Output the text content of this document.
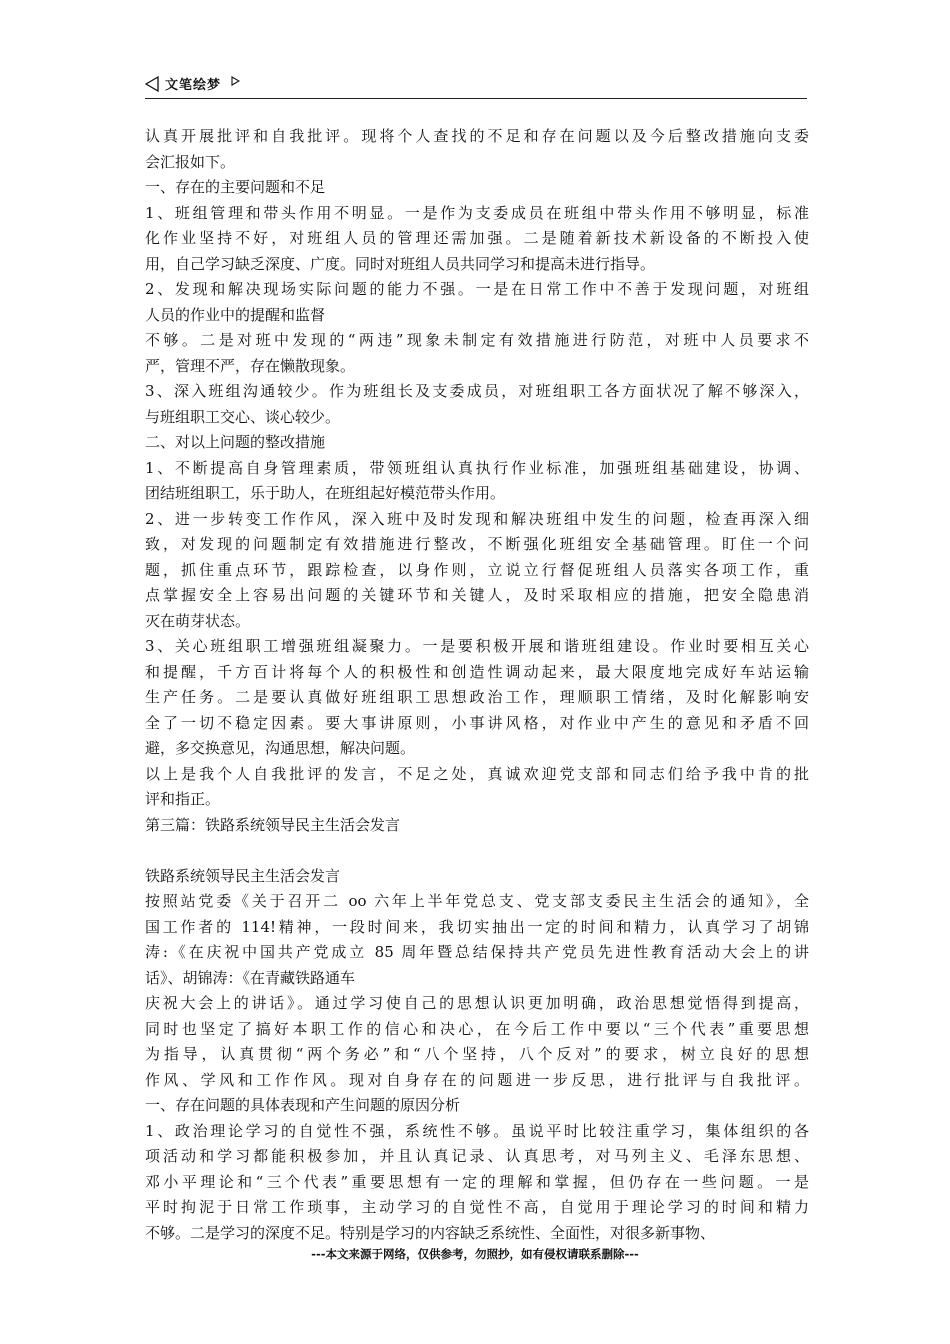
文笔绘梦
认真开展批评和自我批评。现将个人查找的不足和存在问题以及今后整改措施向支委
会汇报如下。
一、存在的主要问题和不足
1、班组管理和带头作用不明显。一是作为支委成员在班组中带头作用不够明显，标准
化作业坚持不好，对班组人员的管理还需加强。二是随着新技术新设备的不断投入使
用，自己学习缺乏深度、广度。同时对班组人员共同学习和提高未进行指导。
2、发现和解决现场实际问题的能力不强。一是在日常工作中不善于发现问题，对班组
人员的作业中的提醒和监督
不够。二是对班中发现的“两违”现象未制定有效措施进行防范，对班中人员要求不
严，管理不严，存在懒散现象。
3、深入班组沟通较少。作为班组长及支委成员，对班组职工各方面状况了解不够深入，
与班组职工交心、谈心较少。
二、对以上问题的整改措施
1、不断提高自身管理素质，带领班组认真执行作业标准，加强班组基础建设，协调、
团结班组职工，乐于助人，在班组起好模范带头作用。
2、进一步转变工作作风，深入班中及时发现和解决班组中发生的问题，检查再深入细
致，对发现的问题制定有效措施进行整改，不断强化班组安全基础管理。盯住一个问
题，抓住重点环节，跟踪检查，以身作则，立说立行督促班组人员落实各项工作，重
点掌握安全上容易出问题的关键环节和关键人，及时采取相应的措施，把安全隐患消
灭在萌芽状态。
3、关心班组职工增强班组凝聚力。一是要积极开展和谐班组建设。作业时要相互关心
和提醒，千方百计将每个人的积极性和创造性调动起来，最大限度地完成好车站运输
生产任务。二是要认真做好班组职工思想政治工作，理顺职工情绪，及时化解影响安
全了一切不稳定因素。要大事讲原则，小事讲风格，对作业中产生的意见和矛盾不回
避，多交换意见，沟通思想，解决问题。
以上是我个人自我批评的发言，不足之处，真诚欢迎党支部和同志们给予我中肯的批
评和指正。
第三篇：铁路系统领导民主生活会发言
铁路系统领导民主生活会发言
按照站党委《关于召开二 oo 六年上半年党总支、党支部支委民主生活会的通知》，全
国工作者的 114!精神，一段时间来，我切实抽出一定的时间和精力，认真学习了胡锦
涛:《在庆祝中国共产党成立 85 周年暨总结保持共产党员先进性教育活动大会上的讲
话》、胡锦涛：《在青藏铁路通车
庆祝大会上的讲话》。通过学习使自己的思想认识更加明确，政治思想觉悟得到提高，
同时也坚定了搞好本职工作的信心和决心，在今后工作中要以“三个代表”重要思想
为指导，认真贯彻“两个务必”和“八个坚持，八个反对”的要求，树立良好的思想
作风、学风和工作作风。现对自身存在的问题进一步反思，进行批评与自我批评。
一、存在问题的具体表现和产生问题的原因分析
1、政治理论学习的自觉性不强，系统性不够。虽说平时比较注重学习，集体组织的各
项活动和学习都能积极参加，并且认真记录、认真思考，对马列主义、毛泽东思想、
邓小平理论和“三个代表”重要思想有一定的理解和掌握，但仍存在一些问题。一是
平时拘泥于日常工作琐事，主动学习的自觉性不高，自觉用于理论学习的时间和精力
不够。二是学习的深度不足。特别是学习的内容缺乏系统性、全面性，对很多新事物、
---本文来源于网络，仅供参考，勿照抄，如有侵权请联系删除---
